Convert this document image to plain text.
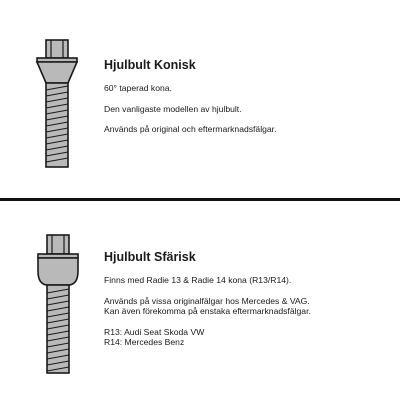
Hjulbult Konisk
60° taperad kona.
Den vanligaste modellen av hjulbult.
Används på original och eftermarknadsfälgar.
Hjulbult Sfärisk
Finns med Radie 13 & Radie 14 kona (R13/R14).
Används på vissa originalfälgar hos Mercedes & VAG.
Kan även förekomma på enstaka eftermarknadsfälgar.
R13: Audi Seat Skoda VW
R14: Mercedes Benz
